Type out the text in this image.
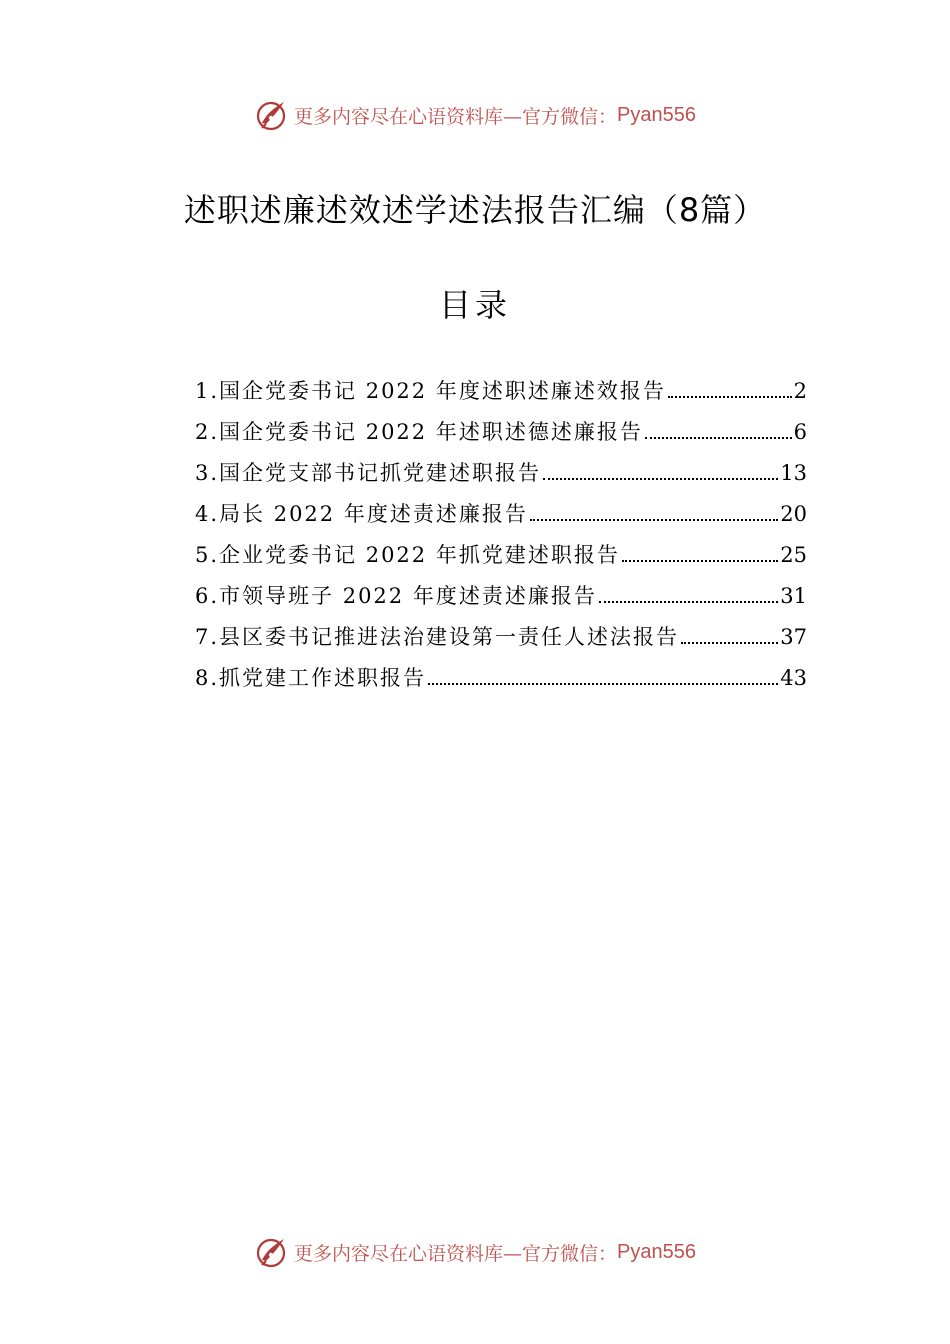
更多内容尽在心语资料库—官方微信： Pyan556
述职述廉述效述学述法报告汇编（8篇）
目录
1.国企党委书记 2022 年度述职述廉述效报告	2
2.国企党委书记 2022 年述职述德述廉报告	6
3.国企党支部书记抓党建述职报告	13
4.局长 2022 年度述责述廉报告	20
5.企业党委书记 2022 年抓党建述职报告	25
6.市领导班子 2022 年度述责述廉报告	31
7.县区委书记推进法治建设第一责任人述法报告	37
8.抓党建工作述职报告	43
更多内容尽在心语资料库—官方微信： Pyan556
